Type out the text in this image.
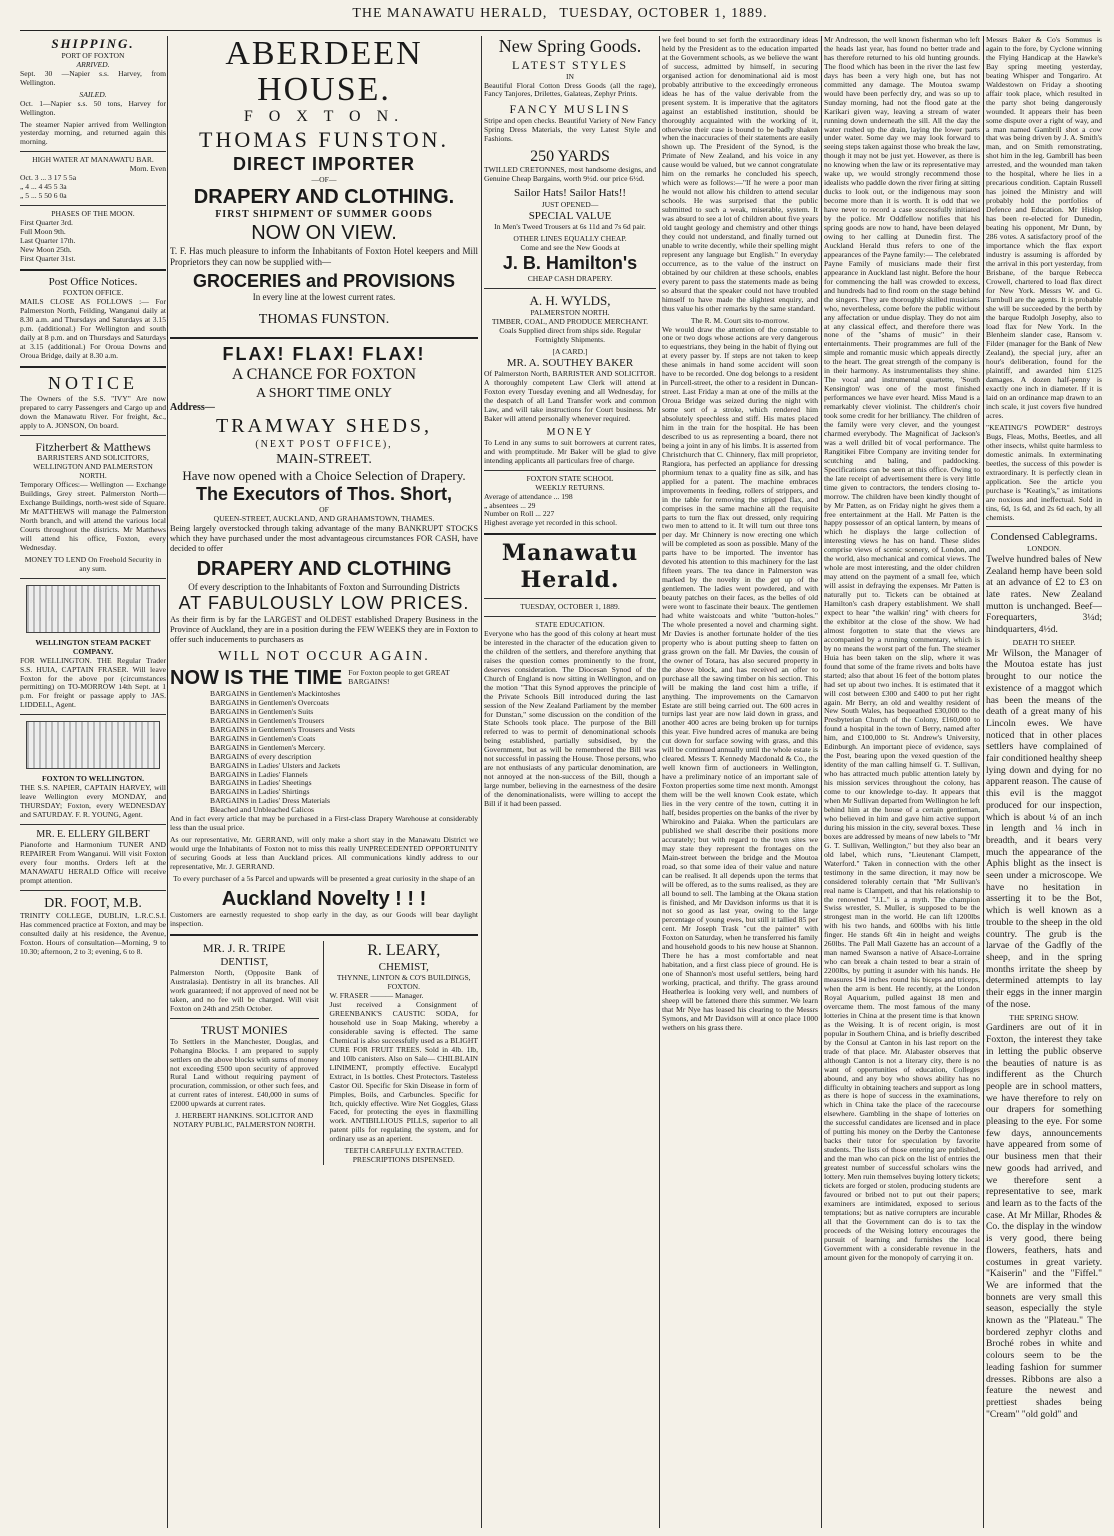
THE MANAWATU HERALD, TUESDAY, OCTOBER 1, 1889.
SHIPPING.
PORT OF FOXTON
ARRIVED.

Sept. 30 —Napier s.s. Harvey, from Wellington.

SAILED.

Oct. 1—Napier s.s. 50 tons, Harvey for Wellington.

The steamer Napier arrived from Wellington yesterday morning, and returned again this morning.

HIGH WATER AT MANAWATU BAR.
Morn. Even
Oct. 3 ... 3 17 5 5a
„ 4 ... 4 45 5 3a
„ 5 ... 5 50 6 0a
PHASES OF THE MOON.
First Quarter 3rd.
Full Moon 9th.
Last Quarter 17th.
New Moon 25th.
First Quarter 31st.
Post Office Notices.
FOXTON OFFICE.

MAILS CLOSE AS FOLLOWS :— For Palmerston North, Feilding, Wanganui daily at 8.30 a.m. and Thursdays and Saturdays at 3.15 p.m. (additional.) For Wellington and south daily at 8 p.m. and on Thursdays and Saturdays at 3.15 (additional.) For Oroua Downs and Oroua Bridge, daily at 8.30 a.m.

NOTICE

The Owners of the S.S. "IVY" Are now prepared to carry Passengers and Cargo up and down the Manawatu River. For freight, &c., apply to A. JONSON, On board.

Fitzherbert & Matthews
BARRISTERS AND SOLICITORS,
WELLINGTON AND PALMERSTON NORTH.

Temporary Offices:— Wellington — Exchange Buildings, Grey street. Palmerston North—Exchange Buildings, north-west side of Square. Mr MATTHEWS will manage the Palmerston North branch, and will attend the various local Courts throughout the districts. Mr Matthews will attend his office, Foxton, every Wednesday.

MONEY TO LEND On Freehold Security in any sum.

WELLINGTON STEAM PACKET COMPANY.

FOR WELLINGTON. THE Regular Trader S.S. HUIA, CAPTAIN FRASER. Will leave Foxton for the above por (circumstances permitting) on TO-MORROW 14th Sept. at 1 p.m. For freight or passage apply to JAS. LIDDELL, Agent.

FOXTON TO WELLINGTON.

THE S.S. NAPIER, CAPTAIN HARVEY, will leave Wellington every MONDAY, and THURSDAY; Foxton, every WEDNESDAY and SATURDAY. F. R. YOUNG, Agent.

MR. E. ELLERY GILBERT

Pianoforte and Harmonium TUNER AND REPAIRER From Wanganui. Will visit Foxton every four months. Orders left at the MANAWATU HERALD Office will receive prompt attention.

DR. FOOT, M.B.

TRINITY COLLEGE, DUBLIN, L.R.C.S.I. Has commenced practice at Foxton, and may be consulted daily at his residence, the Avenue, Foxton. Hours of consultation—Morning, 9 to 10.30; afternoon, 2 to 3; evening, 6 to 8.

ABERDEEN HOUSE.
F O X T O N.
THOMAS FUNSTON.
DIRECT IMPORTER
—OF—
DRAPERY AND CLOTHING.
FIRST SHIPMENT OF SUMMER GOODS
NOW ON VIEW.

T. F. Has much pleasure to inform the Inhabitants of Foxton Hotel keepers and Mill Proprietors they can now be supplied with—

GROCERIES and PROVISIONS
In every line at the lowest current rates.
THOMAS FUNSTON.
FLAX! FLAX! FLAX!
A CHANCE FOR FOXTON
A SHORT TIME ONLY
Address—
TRAMWAY SHEDS,
(NEXT POST OFFICE),
MAIN-STREET.
Have now opened with a Choice Selection of Drapery.
The Executors of Thos. Short,
OF
QUEEN-STREET, AUCKLAND, AND GRAHAMSTOWN, THAMES.

Being largely overstocked through taking advantage of the many BANKRUPT STOCKS which they have purchased under the most advantageous circumstances FOR CASH, have decided to offer

DRAPERY AND CLOTHING
Of every description to the Inhabitants of Foxton and Surrounding Districts
AT FABULOUSLY LOW PRICES.

As their firm is by far the LARGEST and OLDEST established Drapery Business in the Province of Auckland, they are in a position during the FEW WEEKS they are in Foxton to offer such inducements to purchasers as

WILL NOT OCCUR AGAIN.
NOW IS THE TIME For Foxton people to get GREAT BARGAINS!
BARGAINS in Gentlemen's Mackintoshes
BARGAINS in Gentlemen's Overcoats
BARGAINS in Gentlemen's Suits
BARGAINS in Gentlemen's Trousers
BARGAINS in Gentlemen's Trousers and Vests
BARGAINS in Gentlemen's Coats
BARGAINS in Gentlemen's Mercery.
BARGAINS of every description
BARGAINS in Ladies' Ulsters and Jackets
BARGAINS in Ladies' Flannels
BARGAINS in Ladies' Sheetings
BARGAINS in Ladies' Shirtings
BARGAINS in Ladies' Dress Materials
Bleached and Unbleached Calicos

And in fact every article that may be purchased in a First-class Drapery Warehouse at considerably less than the usual price.

As our representative, Mr. GERRAND, will only make a short stay in the Manawatu District we would urge the Inhabitants of Foxton not to miss this really UNPRECEDENTED OPPORTUNITY of securing Goods at less than Auckland prices. All communications kindly address to our representative, Mr. J. GERRAND.

To every purchaser of a 5s Parcel and upwards will be presented a great curiosity in the shape of an

Auckland Novelty ! ! !

Customers are earnestly requested to shop early in the day, as our Goods will bear daylight inspection.

MR. J. R. TRIPE
DENTIST,

Palmerston North, (Opposite Bank of Australasia). Dentistry in all its branches. All work guaranteed; if not approved of need not be taken, and no fee will be charged. Will visit Foxton on 24th and 25th October.

TRUST MONIES

To Settlers in the Manchester, Douglas, and Pohangina Blocks. I am prepared to supply settlers on the above blocks with sums of money not exceeding £500 upon security of approved Rural Land without requiring payment of procuration, commission, or other such fees, and at current rates of interest. £40,000 in sums of £2000 upwards at current rates.

J. HERBERT HANKINS. SOLICITOR AND NOTARY PUBLIC, PALMERSTON NORTH.

R. LEARY,
CHEMIST,
THYNNE, LINTON & CO'S BUILDINGS, FOXTON.
W. FRASER ——— Manager.

Just received a Consignment of GREENBANK'S CAUSTIC SODA, for household use in Soap Making, whereby a considerable saving is effected. The same Chemical is also successfully used as a BLIGHT CURE FOR FRUIT TREES. Sold in 4lb. 1lb, and 10lb canisters. Also on Sale— CHILBLAIN LINIMENT, promptly effective. Eucalyptl Extract, in 1s bottles. Chest Protectors. Tasteless Castor Oil. Specific for Skin Disease in form of Pimples, Boils, and Carbuncles. Specific for Itch, quickly effective. Wire Net Goggles, Glass Faced, for protecting the eyes in flaxmilling work. ANTIBILLIOUS PILLS, superior to all patent pills for regulating the system, and for ordinary use as an aperient.

TEETH CAREFULLY EXTRACTED.
PRESCRIPTIONS DISPENSED.
New Spring Goods.
LATEST STYLES
IN

Beautiful Floral Cotton Dress Goods (all the rage), Fancy Tanjores, Drilettes, Galateas, Zephyr Prints.

FANCY MUSLINS

Stripe and open checks. Beautiful Variety of New Fancy Spring Dress Materials, the very Latest Style and Fashions.

250 YARDS

TWILLED CRETONNES, most handsome designs, and Genuine Cheap Bargains, worth 9½d. our price 6½d.

Sailor Hats! Sailor Hats!!
JUST OPENED—
SPECIAL VALUE

In Men's Tweed Trousers at 6s 11d and 7s 6d pair.

OTHER LINES EQUALLY CHEAP.
Come and see the New Goods at
J. B. Hamilton's
CHEAP CASH DRAPERY.
A. H. WYLDS,
PALMERSTON NORTH.

TIMBER, COAL, AND PRODUCE MERCHANT. Coals Supplied direct from ships side. Regular Fortnightly Shipments.

[A CARD.]
MR. A. SOUTHEY BAKER

Of Palmerston North, BARRISTER AND SOLICITOR. A thoroughly competent Law Clerk will attend at Foxton every Tuesday evening and all Wednesday, for the despatch of all Land Transfer work and common Law, and will take instructions for Court business. Mr Baker will attend personally whenever required.

MONEY

To Lend in any sums to suit borrowers at current rates, and with promptitude. Mr Baker will be glad to give intending applicants all particulars free of charge.

FOXTON STATE SCHOOL
WEEKLY RETURNS.
Average of attendance ... 198
„ absentees ... 29
Number on Roll ... 227

Highest average yet recorded in this school.

Manawatu Herald.
TUESDAY, OCTOBER 1, 1889.
STATE EDUCATION.

Everyone who has the good of this colony at heart must be interested in the character of the education given to the children of the settlers, and therefore anything that raises the question comes prominently to the front, deserves consideration. The Diocesan Synod of the Church of England is now sitting in Wellington, and on the motion "That this Synod approves the principle of the Private Schools Bill introduced during the last session of the New Zealand Parliament by the member for Dunstan," some discussion on the condition of the State Schools took place. The purpose of the Bill referred to was to permit of denominational schools being established, partially subsidised, by the Government, but as will be remembered the Bill was not successful in passing the House. Those persons, who are not enthusiasts of any particular denomination, are not annoyed at the non-success of the Bill, though a large number, believing in the earnestness of the desire of the denominationalists, were willing to accept the Bill if it had been passed.

we feel bound to set forth the extraordinary ideas held by the President as to the education imparted at the Government schools, as we believe the want of success, admitted by himself, in securing organised action for denominational aid is most probably attributive to the exceedingly erroneous ideas he has of the value derivable from the present system. It is imperative that the agitators against an established institution, should be thoroughly acquainted with the working of it, otherwise their case is bound to be badly shaken when the inaccuracies of their statements are easily shown up. The President of the Synod, is the Primate of New Zealand, and his voice in any cause would be valued, but we cannot congratulate him on the remarks he concluded his speech, which were as follows:—"If he were a poor man he would not allow his children to attend secular schools. He was surprised that the public submitted to such a weak, miserable, system. It was absurd to see a lot of children about five years old taught geology and chemistry and other things they could not understand, and finally turned out unable to write decently, while their spelling might represent any language but English." In everyday occurrence, as to the value of the instruct on obtained by our children at these schools, enables every parent to pass the statements made as being so absurd that the speaker could not have troubled himself to have made the slightest enquiry, and thus value his other remarks by the same standard.

The R. M. Court sits to-morrow.

We would draw the attention of the constable to one or two dogs whose actions are very dangerous to equestrians, they being in the habit of flying out at every passer by. If steps are not taken to keep these animals in hand some accident will soon have to be recorded. One dog belongs to a resident in Purcell-street, the other to a resident in Duncan-street. Last Friday a man at one of the mills at the Oroua Bridge was seized during the night with some sort of a stroke, which rendered him absolutely speechless and stiff. His mates placed him in the train for the hospital. He has been described to us as representing a board, there not being a joint in any of his limbs. It is asserted from Christchurch that C. Chinnery, flax mill proprietor, Rangiora, has perfected an appliance for dressing phormium tenax to a quality fine as silk, and has applied for a patent. The machine embraces improvements in feeding, rollers of strippers, and in the table for removing the stripped flax, and comprises in the same machine all the requisite parts to turn the flax out dressed, only requiring two men to attend to it. It will turn out three tons per day. Mr Chinnery is now erecting one which will be completed as soon as possible. Many of the parts have to be imported. The inventor has devoted his attention to this machinery for the last fifteen years. The tea dance in Palmerston was marked by the novelty in the get up of the gentlemen. The ladies went powdered, and with beauty patches on their faces, as the belles of old were wont to fascinate their beaux. The gentlemen had white waistcoats and white "button-holes." The whole presented a novel and charming sight. Mr Davies is another fortunate holder of the ties property who is about putting sheep to fatten on grass grown on the fall. Mr Davies, the cousin of the owner of Totara, has also secured property in the above block, and has received an offer to purchase all the sawing timber on his section. This will be making the land cost him a trifle, if anything. The improvements on the Carnarvon Estate are still being carried out. The 600 acres in turnips last year are now laid down in grass, and another 400 acres are being broken up for turnips this year. Five hundred acres of manuka are being cut down for surface sowing with grass, and this will be continued annually until the whole estate is cleared. Messrs T. Kennedy Macdonald & Co., the well known firm of auctioneers in Wellington, have a preliminary notice of an important sale of Foxton properties some time next month. Amongst them will be the well known Cook estate, which lies in the very centre of the town, cutting it in half, besides properties on the banks of the river by Whirokino and Paiaka. When the particulars are published we shall describe their positions more accurately; but with regard to the town sites we may state they represent the frontages on the Main-street between the bridge and the Moutoa road, so that some idea of their value and nature can be realised. It all depends upon the terms that will be offered, as to the sums realised, as they are all bound to sell. The lambing at the Okaua station is finished, and Mr Davidson informs us that it is not so good as last year, owing to the large percentage of young ewes, but still it tallied 85 per cent. Mr Joseph Trask "cut the painter" with Foxton on Saturday, when he transferred his family and household goods to his new house at Shannon. There he has a most comfortable and neat habitation, and a first class piece of ground. He is one of Shannon's most useful settlers, being hard working, practical, and thrifty. The grass around Heatherlea is looking very well, and numbers of sheep will be fattened there this summer. We learn that Mr Nye has leased his clearing to the Messrs Symons, and Mr Davidson will at once place 1000 wethers on his grass there.

Mr Andresson, the well known fisherman who left the heads last year, has found no better trade and has therefore returned to his old hunting grounds. The flood which has been in the river the last few days has been a very high one, but has not committed any damage. The Moutoa swamp would have been perfectly dry, and was so up to Sunday morning, had not the flood gate at the Karikari given way, leaving a stream of water running down underneath the sill. All the day the water rushed up the drain, laying the lower parts under water. Some day we may look forward to seeing steps taken against those who break the law, though it may not be just yet. However, as there is no knowing when the law or its representative may wake up, we would strongly recommend those idealists who paddle down the river firing at sitting ducks to look out, or the indigenous may soon become more than it is worth. It is odd that we have never to record a case successfully initiated by the police. Mr Oddfellow notifies that his spring goods are now to hand, have been delayed owing to her calling at Dunedin first. The Auckland Herald thus refers to one of the appearances of the Payne family:— The celebrated Payne Family of musicians made their first appearance in Auckland last night. Before the hour for commencing the hall was crowded to excess, and hundreds had to find room on the stage behind the singers. They are thoroughly skilled musicians who, nevertheless, come before the public without any affectation or undue display. They do not aim at any classical effect, and therefore there was none of the "shams of music" in their entertainments. Their programmes are full of the simple and romantic music which appeals directly to the heart. The great strength of the company is in their harmony. As instrumentalists they shine. The vocal and instrumental quartette, 'South Kensington' was one of the most finished performances we have ever heard. Miss Maud is a remarkably clever violinist. The children's choir took some credit for her brilliancy. The children of the family were very clever, and the youngest charmed everybody. The Magnificat of Jackson's was a well drilled bit of vocal performance. The Rangitikei Fibre Company are inviting tender for scutching and baling, and paddocking. Specifications can be seen at this office. Owing to the late receipt of advertisement there is very little time given to contractors, the tenders closing to-morrow. The children have been kindly thought of by Mr Patten, as on Friday night he gives them a free entertainment at the Hall. Mr Patten is the happy possessor of an optical lantern, by means of which he displays the large collection of interesting views he has on hand. These slides comprise views of scenic scenery, of London, and the world, also mechanical and comical views. The whole are most interesting, and the older children may attend on the payment of a small fee, which will assist in defraying the expenses. Mr Patten is naturally put to. Tickets can be obtained at Hamilton's cash drapery establishment. We shall expect to hear "the walkin' ring" with cheers for the exhibitor at the close of the show. We had almost forgotten to state that the views are accompanied by a running commentary, which is by no means the worst part of the fun. The steamer Huia has been taken on the slip, where it was found that some of the frame rivets and bolts have started; also that about 16 feet of the bottom plates had set up about two inches. It is estimated that it will cost between £300 and £400 to put her right again. Mr Berry, an old and wealthy resident of New South Wales, has bequeathed £30,000 to the Presbyterian Church of the Colony, £160,000 to found a hospital in the town of Berry, named after him, and £100,000 to St. Andrew's University, Edinburgh. An important piece of evidence, says the Post, bearing upon the vexed question of the identity of the man calling himself G. T. Sullivan, who has attracted much public attention lately by his mission services throughout the colony, has come to our knowledge to-day. It appears that when Mr Sullivan departed from Wellington he left behind him at the house of a certain gentleman, who believed in him and gave him active support during his mission in the city, several boxes. These boxes are addressed by means of new labels to "Mr G. T. Sullivan, Wellington," but they also bear an old label, which runs, "Lieutenant Clampett, Waterford." Taken in connection with the other testimony in the same direction, it may now be considered tolerably certain that "Mr Sullivan's real name is Clampett, and that his relationship to the renowned "J.L." is a myth. The champion Swiss wrestler, S. Muller, is supposed to be the strongest man in the world. He can lift 1200lbs with his two hands, and 600lbs with his little finger. He stands 6ft 4in in height and weighs 260lbs. The Pall Mall Gazette has an account of a man named Swanson a native of Alsace-Lorraine who can break a chain tested to bear a strain of 2200lbs, by putting it asunder with his hands. He measures 194 inches round his biceps and triceps, when the arm is bent. He recently, at the London Royal Aquarium, pulled against 18 men and overcame them. The most famous of the many lotteries in China at the present time is that known as the Weising. It is of recent origin, is most popular in Southern China, and is briefly described by the Consul at Canton in his last report on the trade of that place. Mr. Alabaster observes that although Canton is not a literary city, there is no want of opportunities of education, Colleges abound, and any boy who shows ability has no difficulty in obtaining teachers and support as long as there is hope of success in the examinations, which in China take the place of the racecourse elsewhere. Gambling in the shape of lotteries on the successful candidates are licensed and in place of putting his money on the Derby the Cantonese backs their tutor for speculation by favorite students. The lists of those entering are published, and the man who can pick on the list of entries the greatest number of successful scholars wins the lottery. Men ruin themselves buying lottery tickets; tickets are forged or stolen, producing students are favoured or bribed not to put out their papers; examiners are intimidated, exposed to serious temptations; but as native corrupters are incurable all that the Government can do is to tax the proceeds of the Weising lottery encourages the pursuit of learning and furnishes the local Government with a considerable revenue in the amount given for the monopoly of carrying it on.

Messrs Baker & Co's Sommus is again to the fore, by Cyclone winning the Flying Handicap at the Hawke's Bay spring meeting yesterday, beating Whisper and Tongariro. At Waldestown on Friday a shooting affair took place, which resulted in the party shot being dangerously wounded. It appears their has been some dispute over a right of way, and a man named Gambrill shot a cow that was being driven by J. A. Smith's man, and on Smith remonstrating, shot him in the leg. Gambrill has been arrested, and the wounded man taken to the hospital, where he lies in a precarious condition. Captain Russell has joined the Ministry and will probably hold the portfolios of Defence and Education. Mr Hislop has been re-elected for Dunedin, beating his opponent, Mr Dunn, by 286 votes. A satisfactory proof of the importance which the flax export industry is assuming is afforded by the arrival in this port yesterday, from Brisbane, of the barque Rebecca Crowell, chartered to load flax direct for New York. Messrs W. and G. Turnbull are the agents. It is probable she will be succeeded by the berth by the barque Rudolph Josephy, also to load flax for New York. In the Blenheim slander case, Ransom v. Filder (manager for the Bank of New Zealand), the special jury, after an hour's deliberation, found for the plaintiff, and awarded him £125 damages. A dozen half-penny is exactly one inch in diameter. If it is laid on an ordinance map drawn to an inch scale, it just covers five hundred acres.

"KEATING'S POWDER" destroys Bugs, Fleas, Moths, Beetles, and all other insects, whilst quite harmless to domestic animals. In exterminating beetles, the success of this powder is extraordinary. It is perfectly clean in application. See the article you purchase is "Keating's," as imitations are noxious and ineffectual. Sold in tins, 6d, 1s 6d, and 2s 6d each, by all chemists.

Condensed Cablegrams.
LONDON.

Twelve hundred bales of New Zealand hemp have been sold at an advance of £2 to £3 on late rates. New Zealand mutton is unchanged. Beef—Forequarters, 3¼d; hindquarters, 4½d.

DEATH TO SHEEP.

Mr Wilson, the Manager of the Moutoa estate has just brought to our notice the existence of a maggot which has been the means of the death of a great many of his Lincoln ewes. We have noticed that in other places settlers have complained of fair conditioned healthy sheep lying down and dying for no apparent reason. The cause of this evil is the maggot produced for our inspection, which is about ¼ of an inch in length and ⅛ inch in breadth, and it bears very much the appearance of the Aphis blight as the insect is seen under a microscope. We have no hesitation in asserting it to be the Bot, which is well known as a trouble to the sheep in the old country. The grub is the larvae of the Gadfly of the sheep, and in the spring months irritate the sheep by determined attempts to lay their eggs in the inner margin of the nose.

THE SPRING SHOW.

Gardiners are out of it in Foxton, the interest they take in letting the public observe the beauties of nature is as indifferent as the Church people are in school matters, we have therefore to rely on our drapers for something pleasing to the eye. For some few days, announcements have appeared from some of our business men that their new goods had arrived, and we therefore sent a representative to see, mark and learn as to the facts of the case. At Mr Millar, Rhodes & Co. the display in the window is very good, there being flowers, feathers, hats and costumes in great variety. "Kaiserin" and the "Fiffel." We are informed that the bonnets are very small this season, especially the style known as the "Plateau." The bordered zephyr cloths and Broché robes in white and colours seem to be the leading fashion for summer dresses. Ribbons are also a feature the newest and prettiest shades being "Cream" "old gold" and
